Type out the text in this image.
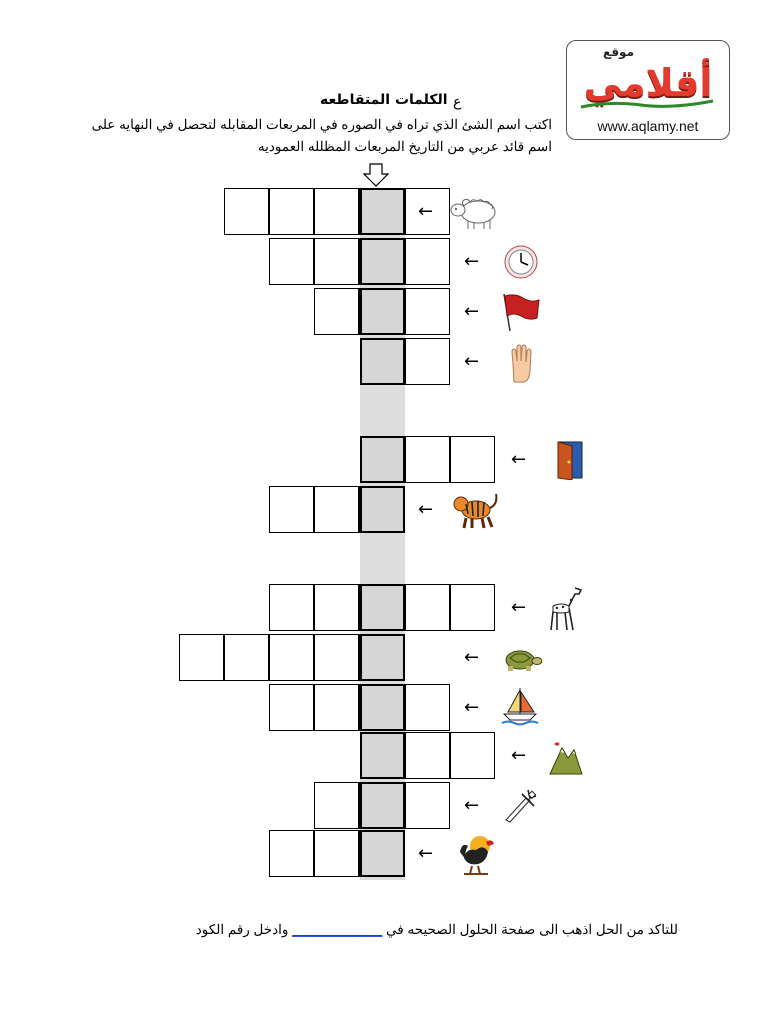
موقع
أقلامي
www.aqlamy.net
ع
الكلمات المتقاطعه
اكتب اسم الشئ الذي تراه في الصوره في المربعات المقابله لتحصل في النهايه على
اسم قائد عربي من التاريخ المربعات المظلله العموديه
←
←
←
←
←
←
←
←
←
←
←
←
للتاكد من الحل اذهب الى صفحة الحلول الصحيحه في ____________ وادخل رقم الكود
